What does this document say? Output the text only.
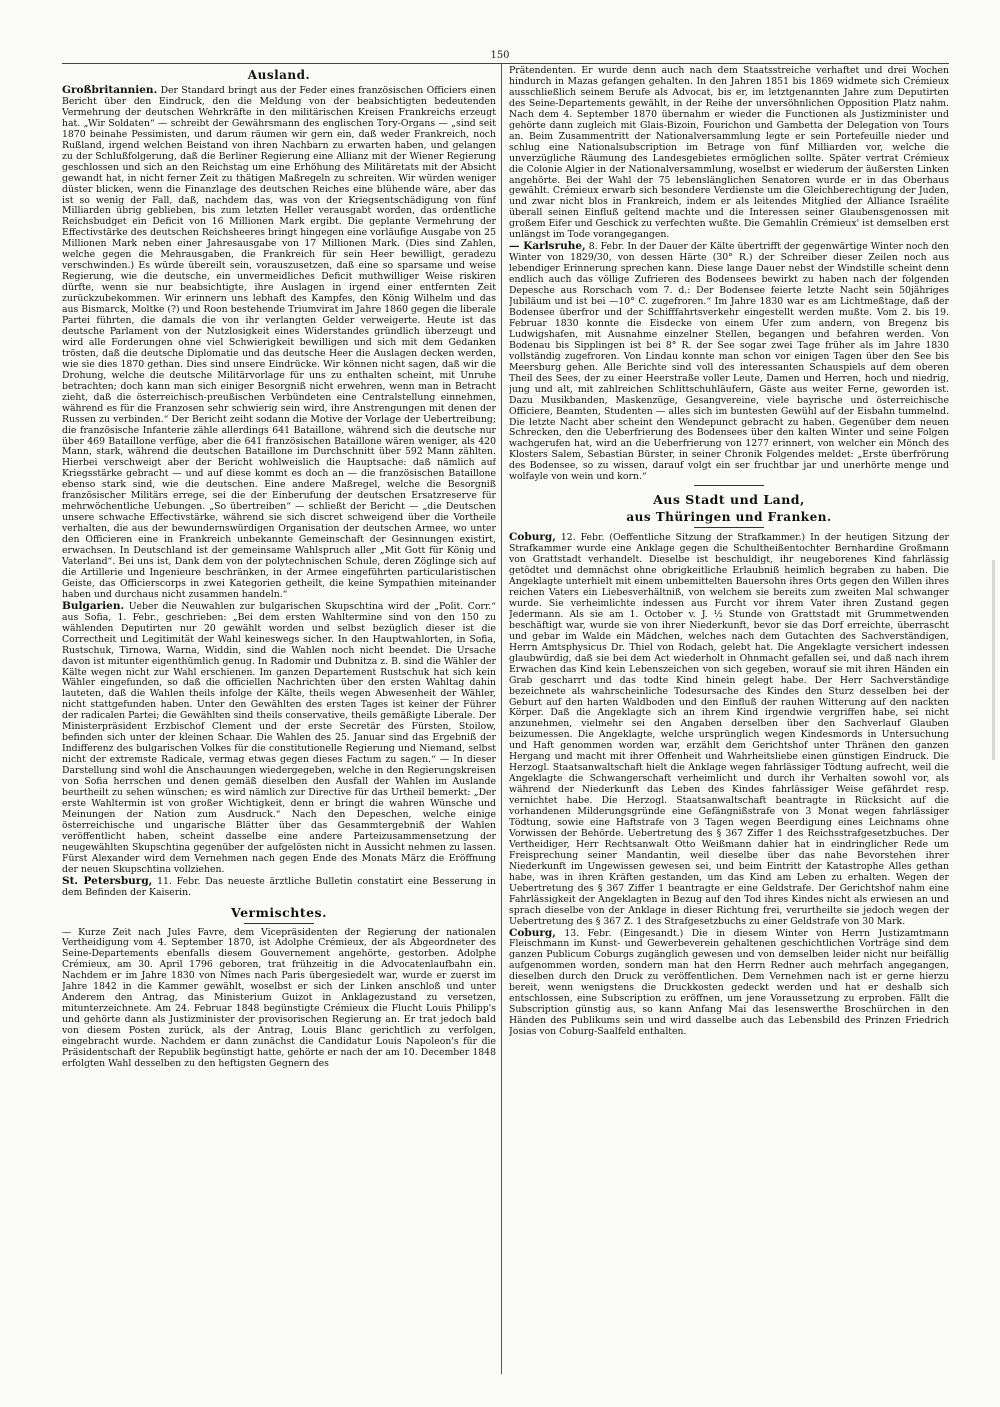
150
Ausland.

Großbritannien. Der Standard bringt aus der Feder eines französischen Officiers einen Bericht über den Eindruck, den die Meldung von der beabsichtigten bedeutenden Vermehrung der deutschen Wehrkräfte in den militärischen Kreisen Frankreichs erzeugt hat. „Wir Soldaten“ — schreibt der Gewährsmann des englischen Tory-Organs — „sind seit 1870 beinahe Pessimisten, und darum räumen wir gern ein, daß weder Frankreich, noch Rußland, irgend welchen Beistand von ihren Nachbarn zu erwarten haben, und gelangen zu der Schlußfolgerung, daß die Berliner Regierung eine Allianz mit der Wiener Regierung geschlossen und sich an den Reichstag um eine Erhöhung des Militäretats mit der Absicht gewandt hat, in nicht ferner Zeit zu thätigen Maßregeln zu schreiten. Wir würden weniger düster blicken, wenn die Finanzlage des deutschen Reiches eine blühende wäre, aber das ist so wenig der Fall, daß, nachdem das, was von der Kriegsentschädigung von fünf Milliarden übrig geblieben, bis zum letzten Heller verausgabt worden, das ordentliche Reichsbudget ein Deficit von 16 Millionen Mark ergibt. Die geplante Vermehrung der Effectivstärke des deutschen Reichsheeres bringt hingegen eine vorläufige Ausgabe von 25 Millionen Mark neben einer Jahresausgabe von 17 Millionen Mark. (Dies sind Zahlen, welche gegen die Mehrausgaben, die Frankreich für sein Heer bewilligt, geradezu verschwinden.) Es würde übereilt sein, vorauszusetzen, daß eine so sparsame und weise Regierung, wie die deutsche, ein unvermeidliches Deficit muthwilliger Weise riskiren dürfte, wenn sie nur beabsichtigte, ihre Auslagen in irgend einer entfernten Zeit zurückzubekommen. Wir erinnern uns lebhaft des Kampfes, den König Wilhelm und das aus Bismarck, Moltke (?) und Roon bestehende Triumvirat im Jahre 1860 gegen die liberale Partei führten, die damals die von ihr verlangten Gelder verweigerte. Heute ist das deutsche Parlament von der Nutzlosigkeit eines Widerstandes gründlich überzeugt und wird alle Forderungen ohne viel Schwierigkeit bewilligen und sich mit dem Gedanken trösten, daß die deutsche Diplomatie und das deutsche Heer die Auslagen decken werden, wie sie dies 1870 gethan. Dies sind unsere Eindrücke. Wir können nicht sagen, daß wir die Drohung, welche die deutsche Militärvorlage für uns zu enthalten scheint, mit Unruhe betrachten; doch kann man sich einiger Besorgniß nicht erwehren, wenn man in Betracht zieht, daß die österreichisch-preußischen Verbündeten eine Centralstellung einnehmen, während es für die Franzosen sehr schwierig sein wird, ihre Anstrengungen mit denen der Russen zu verbinden.“ Der Bericht zeiht sodann die Motive der Vorlage der Uebertreibung; die französische Infanterie zähle allerdings 641 Bataillone, während sich die deutsche nur über 469 Bataillone verfüge, aber die 641 französischen Bataillone wären weniger, als 420 Mann, stark, während die deutschen Bataillone im Durchschnitt über 592 Mann zählten. Hierbei verschweigt aber der Bericht wohlweislich die Hauptsache: daß nämlich auf Kriegsstärke gebracht — und auf diese kommt es doch an — die französischen Bataillone ebenso stark sind, wie die deutschen. Eine andere Maßregel, welche die Besorgniß französischer Militärs errege, sei die der Einberufung der deutschen Ersatzreserve für mehrwöchentliche Uebungen. „So übertreiben“ — schließt der Bericht — „die Deutschen unsere schwache Effectivstärke, während sie sich discret schweigend über die Vortheile verhalten, die aus der bewundernswürdigen Organisation der deutschen Armee, wo unter den Officieren eine in Frankreich unbekannte Gemeinschaft der Gesinnungen existirt, erwachsen. In Deutschland ist der gemeinsame Wahlspruch aller „Mit Gott für König und Vaterland“. Bei uns ist, Dank dem von der polytechnischen Schule, deren Zöglinge sich auf die Artillerie und Ingenieure beschränken, in der Armee eingeführten particularistischen Geiste, das Officierscorps in zwei Kategorien getheilt, die keine Sympathien miteinander haben und durchaus nicht zusammen handeln.“

Bulgarien. Ueber die Neuwahlen zur bulgarischen Skupschtina wird der „Polit. Corr.“ aus Sofia, 1. Febr., geschrieben: „Bei dem ersten Wahltermine sind von den 150 zu wählenden Deputirten nur 20 gewählt worden und selbst bezüglich dieser ist die Correctheit und Legitimität der Wahl keineswegs sicher. In den Hauptwahlorten, in Sofia, Rustschuk, Tirnowa, Warna, Widdin, sind die Wahlen noch nicht beendet. Die Ursache davon ist mitunter eigenthümlich genug. In Radomir und Dubnitza z. B. sind die Wähler der Kälte wegen nicht zur Wahl erschienen. Im ganzen Departement Rustschuk hat sich kein Wähler eingefunden, so daß die officiellen Nachrichten über den ersten Wahltag dahin lauteten, daß die Wahlen theils infolge der Kälte, theils wegen Abwesenheit der Wähler, nicht stattgefunden haben. Unter den Gewählten des ersten Tages ist keiner der Führer der radicalen Partei; die Gewählten sind theils conservative, theils gemäßigte Liberale. Der Ministerpräsident Erzbischof Clement und der erste Secretär des Fürsten, Stoilow, befinden sich unter der kleinen Schaar. Die Wahlen des 25. Januar sind das Ergebniß der Indifferenz des bulgarischen Volkes für die constitutionelle Regierung und Niemand, selbst nicht der extremste Radicale, vermag etwas gegen dieses Factum zu sagen.“ — In dieser Darstellung sind wohl die Anschauungen wiedergegeben, welche in den Regierungskreisen von Sofia herrschen und denen gemäß dieselben den Ausfall der Wahlen im Auslande beurtheilt zu sehen wünschen; es wird nämlich zur Directive für das Urtheil bemerkt: „Der erste Wahltermin ist von großer Wichtigkeit, denn er bringt die wahren Wünsche und Meinungen der Nation zum Ausdruck.“ Nach den Depeschen, welche einige österreichische und ungarische Blätter über das Gesammtergebniß der Wahlen veröffentlicht haben, scheint dasselbe eine andere Parteizusammensetzung der neugewählten Skupschtina gegenüber der aufgelösten nicht in Aussicht nehmen zu lassen. Fürst Alexander wird dem Vernehmen nach gegen Ende des Monats März die Eröffnung der neuen Skupschtina vollziehen.

St. Petersburg, 11. Febr. Das neueste ärztliche Bulletin constatirt eine Besserung in dem Befinden der Kaiserin.

Vermischtes.

— Kurze Zeit nach Jules Favre, dem Vicepräsidenten der Regierung der nationalen Vertheidigung vom 4. September 1870, ist Adolphe Crémieux, der als Abgeordneter des Seine-Departements ebenfalls diesem Gouvernement angehörte, gestorben. Adolphe Crémieux, am 30. April 1796 geboren, trat frühzeitig in die Advocatenlaufbahn ein. Nachdem er im Jahre 1830 von Nîmes nach Paris übergesiedelt war, wurde er zuerst im Jahre 1842 in die Kammer gewählt, woselbst er sich der Linken anschloß und unter Anderem den Antrag, das Ministerium Guizot in Anklagezustand zu versetzen, mitunterzeichnete. Am 24. Februar 1848 begünstigte Crémieux die Flucht Louis Philipp's und gehörte dann als Justizminister der provisorischen Regierung an. Er trat jedoch bald von diesem Posten zurück, als der Antrag, Louis Blanc gerichtlich zu verfolgen, eingebracht wurde. Nachdem er dann zunächst die Candidatur Louis Napoleon's für die Präsidentschaft der Republik begünstigt hatte, gehörte er nach der am 10. December 1848 erfolgten Wahl desselben zu den heftigsten Gegnern des

Prätendenten. Er wurde denn auch nach dem Staatsstreiche verhaftet und drei Wochen hindurch in Mazas gefangen gehalten. In den Jahren 1851 bis 1869 widmete sich Crémieux ausschließlich seinem Berufe als Advocat, bis er, im letztgenannten Jahre zum Deputirten des Seine-Departements gewählt, in der Reihe der unversöhnlichen Opposition Platz nahm. Nach dem 4. September 1870 übernahm er wieder die Functionen als Justizminister und gehörte dann zugleich mit Glais-Bizoin, Fourichon und Gambetta der Delegation von Tours an. Beim Zusammentritt der Nationalversammlung legte er sein Portefeuille nieder und schlug eine Nationalsubscription im Betrage von fünf Milliarden vor, welche die unverzügliche Räumung des Landesgebietes ermöglichen sollte. Später vertrat Crémieux die Colonie Algier in der Nationalversammlung, woselbst er wiederum der äußersten Linken angehörte. Bei der Wahl der 75 lebenslänglichen Senatoren wurde er in das Oberhaus gewählt. Crémieux erwarb sich besondere Verdienste um die Gleichberechtigung der Juden, und zwar nicht blos in Frankreich, indem er als leitendes Mitglied der Alliance Israélite überall seinen Einfluß geltend machte und die Interessen seiner Glaubensgenossen mit großem Eifer und Geschick zu verfechten wußte. Die Gemahlin Crémieux' ist demselben erst unlängst im Tode vorangegangen.

— Karlsruhe, 8. Febr. In der Dauer der Kälte übertrifft der gegenwärtige Winter noch den Winter von 1829/30, von dessen Härte (30° R.) der Schreiber dieser Zeilen noch aus lebendiger Erinnerung sprechen kann. Diese lange Dauer nebst der Windstille scheint denn endlich auch das völlige Zufrieren des Bodensees bewirkt zu haben nach der folgenden Depesche aus Rorschach vom 7. d.: Der Bodensee feierte letzte Nacht sein 50jähriges Jubiläum und ist bei —10° C. zugefroren.“ Im Jahre 1830 war es am Lichtmeßtage, daß der Bodensee überfror und der Schifffahrtsverkehr eingestellt werden mußte. Vom 2. bis 19. Februar 1830 konnte die Eisdecke von einem Ufer zum andern, von Bregenz bis Ludwigshafen, mit Ausnahme einzelner Stellen, begangen und befahren werden. Von Bodenau bis Sipplingen ist bei 8° R. der See sogar zwei Tage früher als im Jahre 1830 vollständig zugefroren. Von Lindau konnte man schon vor einigen Tagen über den See bis Meersburg gehen. Alle Berichte sind voll des interessanten Schauspiels auf dem oberen Theil des Sees, der zu einer Heerstraße voller Leute, Damen und Herren, hoch und niedrig, jung und alt, mit zahlreichen Schlittschuhläufern, Gäste aus weiter Ferne, geworden ist. Dazu Musikbanden, Maskenzüge, Gesangvereine, viele bayrische und österreichische Officiere, Beamten, Studenten — alles sich im buntesten Gewühl auf der Eisbahn tummelnd. Die letzte Nacht aber scheint den Wendepunct gebracht zu haben. Gegenüber dem neuen Schrecken, den die Ueberfrierung des Bodensees über den kalten Winter und seine Folgen wachgerufen hat, wird an die Ueberfrierung von 1277 erinnert, von welcher ein Mönch des Klosters Salem, Sebastian Bürster, in seiner Chronik Folgendes meldet: „Erste überfrörung des Bodensee, so zu wissen, darauf volgt ein ser fruchtbar jar und unerhörte menge und wolfayle von wein und korn.“

Aus Stadt und Land,
aus Thüringen und Franken.

Coburg, 12. Febr. (Oeffentliche Sitzung der Strafkammer.) In der heutigen Sitzung der Strafkammer wurde eine Anklage gegen die Schultheißentochter Bernhardine Großmann von Grattstadt verhandelt. Dieselbe ist beschuldigt, ihr neugeborenes Kind fahrlässig getödtet und demnächst ohne obrigkeitliche Erlaubniß heimlich begraben zu haben. Die Angeklagte unterhielt mit einem unbemittelten Bauersohn ihres Orts gegen den Willen ihres reichen Vaters ein Liebesverhältniß, von welchem sie bereits zum zweiten Mal schwanger wurde. Sie verheimlichte indessen aus Furcht vor ihrem Vater ihren Zustand gegen Jedermann. Als sie am 1. October v. J. ½ Stunde von Grattstadt mit Grummetwenden beschäftigt war, wurde sie von ihrer Niederkunft, bevor sie das Dorf erreichte, überrascht und gebar im Walde ein Mädchen, welches nach dem Gutachten des Sachverständigen, Herrn Amtsphysicus Dr. Thiel von Rodach, gelebt hat. Die Angeklagte versichert indessen glaubwürdig, daß sie bei dem Act wiederholt in Ohnmacht gefallen sei, und daß nach ihrem Erwachen das Kind kein Lebenszeichen von sich gegeben, worauf sie mit ihren Händen ein Grab gescharrt und das todte Kind hinein gelegt habe. Der Herr Sachverständige bezeichnete als wahrscheinliche Todesursache des Kindes den Sturz desselben bei der Geburt auf den harten Waldboden und den Einfluß der rauhen Witterung auf den nackten Körper. Daß die Angeklagte sich an ihrem Kind irgendwie vergriffen habe, sei nicht anzunehmen, vielmehr sei den Angaben derselben über den Sachverlauf Glauben beizumessen. Die Angeklagte, welche ursprünglich wegen Kindesmords in Untersuchung und Haft genommen worden war, erzählt dem Gerichtshof unter Thränen den ganzen Hergang und macht mit ihrer Offenheit und Wahrheitsliebe einen günstigen Eindruck. Die Herzogl. Staatsanwaltschaft hielt die Anklage wegen fahrlässiger Tödtung aufrecht, weil die Angeklagte die Schwangerschaft verheimlicht und durch ihr Verhalten sowohl vor, als während der Niederkunft das Leben des Kindes fahrlässiger Weise gefährdet resp. vernichtet habe. Die Herzogl. Staatsanwaltschaft beantragte in Rücksicht auf die vorhandenen Milderungsgründe eine Gefängnißstrafe von 3 Monat wegen fahrlässiger Tödtung, sowie eine Haftstrafe von 3 Tagen wegen Beerdigung eines Leichnams ohne Vorwissen der Behörde. Uebertretung des § 367 Ziffer 1 des Reichsstrafgesetzbuches. Der Vertheidiger, Herr Rechtsanwalt Otto Weißmann dahier hat in eindringlicher Rede um Freisprechung seiner Mandantin, weil dieselbe über das nahe Bevorstehen ihrer Niederkunft im Ungewissen gewesen sei, und beim Eintritt der Katastrophe Alles gethan habe, was in ihren Kräften gestanden, um das Kind am Leben zu erhalten. Wegen der Uebertretung des § 367 Ziffer 1 beantragte er eine Geldstrafe. Der Gerichtshof nahm eine Fahrlässigkeit der Angeklagten in Bezug auf den Tod ihres Kindes nicht als erwiesen an und sprach dieselbe von der Anklage in dieser Richtung frei, verurtheilte sie jedoch wegen der Uebertretung des § 367 Z. 1 des Strafgesetzbuchs zu einer Geldstrafe von 30 Mark.

Coburg, 13. Febr. (Eingesandt.) Die in diesem Winter von Herrn Justizamtmann Fleischmann im Kunst- und Gewerbeverein gehaltenen geschichtlichen Vorträge sind dem ganzen Publicum Coburgs zugänglich gewesen und von demselben leider nicht nur beifällig aufgenommen worden, sondern man hat den Herrn Redner auch mehrfach angegangen, dieselben durch den Druck zu veröffentlichen. Dem Vernehmen nach ist er gerne hierzu bereit, wenn wenigstens die Druckkosten gedeckt werden und hat er deshalb sich entschlossen, eine Subscription zu eröffnen, um jene Voraussetzung zu erproben. Fällt die Subscription günstig aus, so kann Anfang Mai das lesenswerthe Broschürchen in den Händen des Publikums sein und wird dasselbe auch das Lebensbild des Prinzen Friedrich Josias von Coburg-Saalfeld enthalten.
